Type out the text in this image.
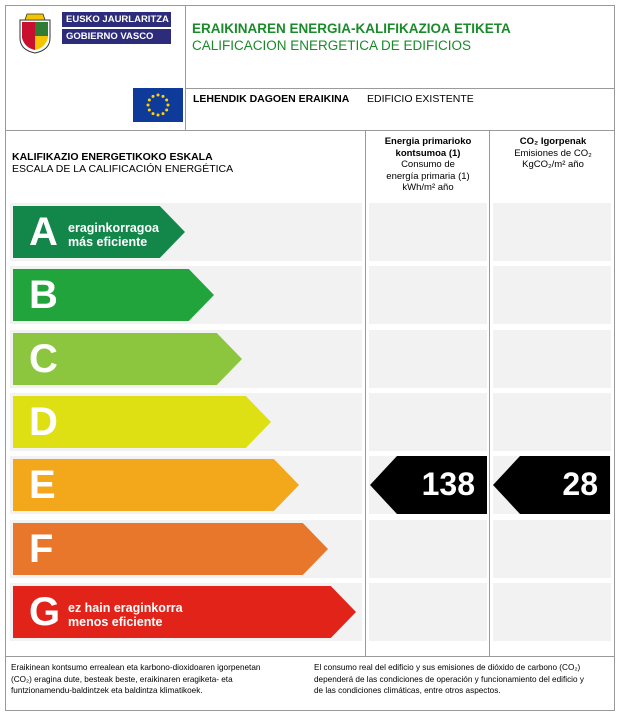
EUSKO JAURLARITZA
GOBIERNO VASCO
ERAIKINAREN ENERGIA-KALIFIKAZIOA ETIKETA
CALIFICACION ENERGETICA DE EDIFICIOS
LEHENDIK DAGOEN ERAIKINA EDIFICIO EXISTENTE
KALIFIKAZIO ENERGETIKOKO ESKALA
ESCALA DE LA CALIFICACIÓN ENERGÉTICA
Energia primarioko
kontsumoa (1)
Consumo de
energía primaria (1)
kWh/m² año
CO₂ Igorpenak
Emisiones de CO₂
KgCO₂/m² año
A eraginkorragoa
más eficiente
B
C
D
E	138	28
F
G ez hain eraginkorra
menos eficiente
Eraikinean kontsumo errealean eta karbono-dioxidoaren igorpenetan
(CO₂) eragina dute, besteak beste, eraikinaren eragiketa- eta
funtzionamendu-baldintzek eta baldintza klimatikoek.
El consumo real del edificio y sus emisiones de dióxido de carbono (CO₂)
dependerá de las condiciones de operación y funcionamiento del edificio y
de las condiciones climáticas, entre otros aspectos.
